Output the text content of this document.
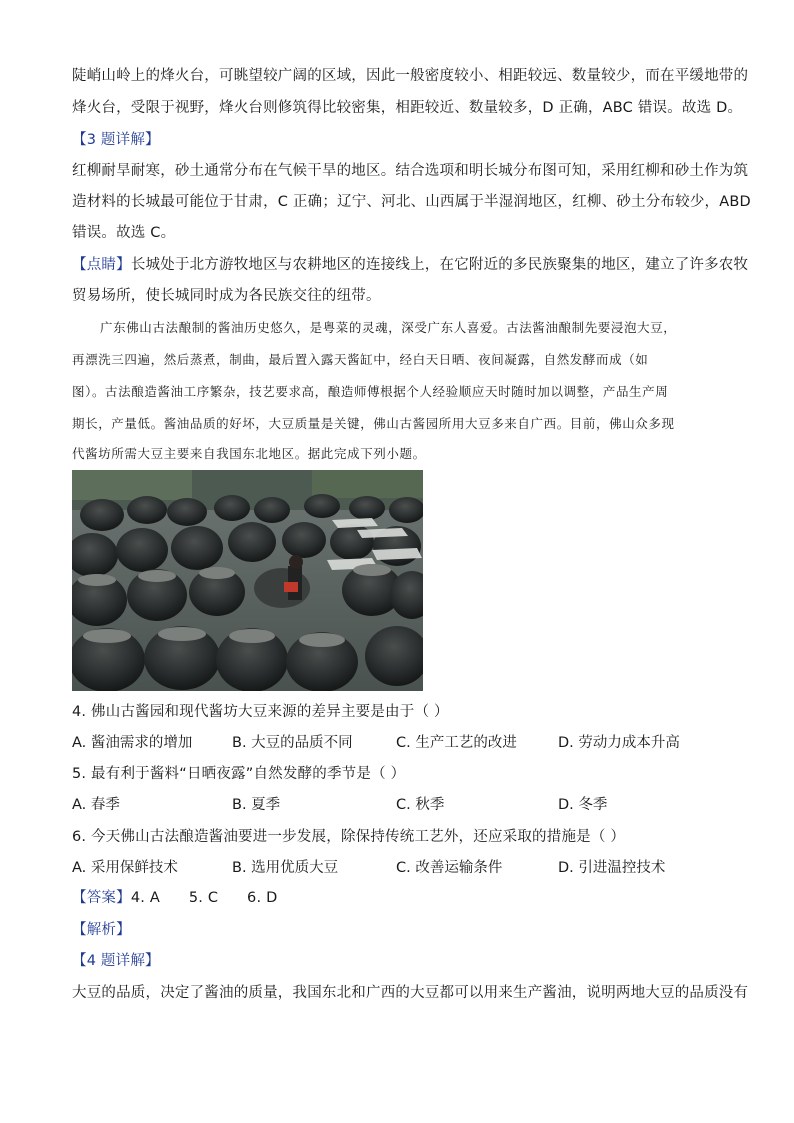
陡峭山岭上的烽火台，可眺望较广阔的区域，因此一般密度较小、相距较远、数量较少，而在平缓地带的
烽火台，受限于视野，烽火台则修筑得比较密集，相距较近、数量较多，D 正确，ABC 错误。故选 D。
【3 题详解】
红柳耐旱耐寒，砂土通常分布在气候干旱的地区。结合选项和明长城分布图可知，采用红柳和砂土作为筑
造材料的长城最可能位于甘肃，C 正确；辽宁、河北、山西属于半湿润地区，红柳、砂土分布较少，ABD
错误。故选 C。
【点睛】长城处于北方游牧地区与农耕地区的连接线上，在它附近的多民族聚集的地区，建立了许多农牧
贸易场所，使长城同时成为各民族交往的纽带。
广东佛山古法酿制的酱油历史悠久，是粤菜的灵魂，深受广东人喜爱。古法酱油酿制先要浸泡大豆，
再漂洗三四遍，然后蒸煮，制曲，最后置入露天酱缸中，经白天日晒、夜间凝露，自然发酵而成（如
图）。古法酿造酱油工序繁杂，技艺要求高，酿造师傅根据个人经验顺应天时随时加以调整，产品生产周
期长，产量低。酱油品质的好坏，大豆质量是关键，佛山古酱园所用大豆多来自广西。目前，佛山众多现
代酱坊所需大豆主要来自我国东北地区。据此完成下列小题。
4. 佛山古酱园和现代酱坊大豆来源的差异主要是由于（ ）
A. 酱油需求的增加	B. 大豆的品质不同	C. 生产工艺的改进	D. 劳动力成本升高
5. 最有利于酱料“日晒夜露”自然发酵的季节是（ ）
A. 春季	B. 夏季	C. 秋季	D. 冬季
6. 今天佛山古法酿造酱油要进一步发展，除保持传统工艺外，还应采取的措施是（ ）
A. 采用保鲜技术	B. 选用优质大豆	C. 改善运输条件	D. 引进温控技术
【答案】4. A      5. C      6. D
【解析】
【4 题详解】
大豆的品质，决定了酱油的质量，我国东北和广西的大豆都可以用来生产酱油，说明两地大豆的品质没有
